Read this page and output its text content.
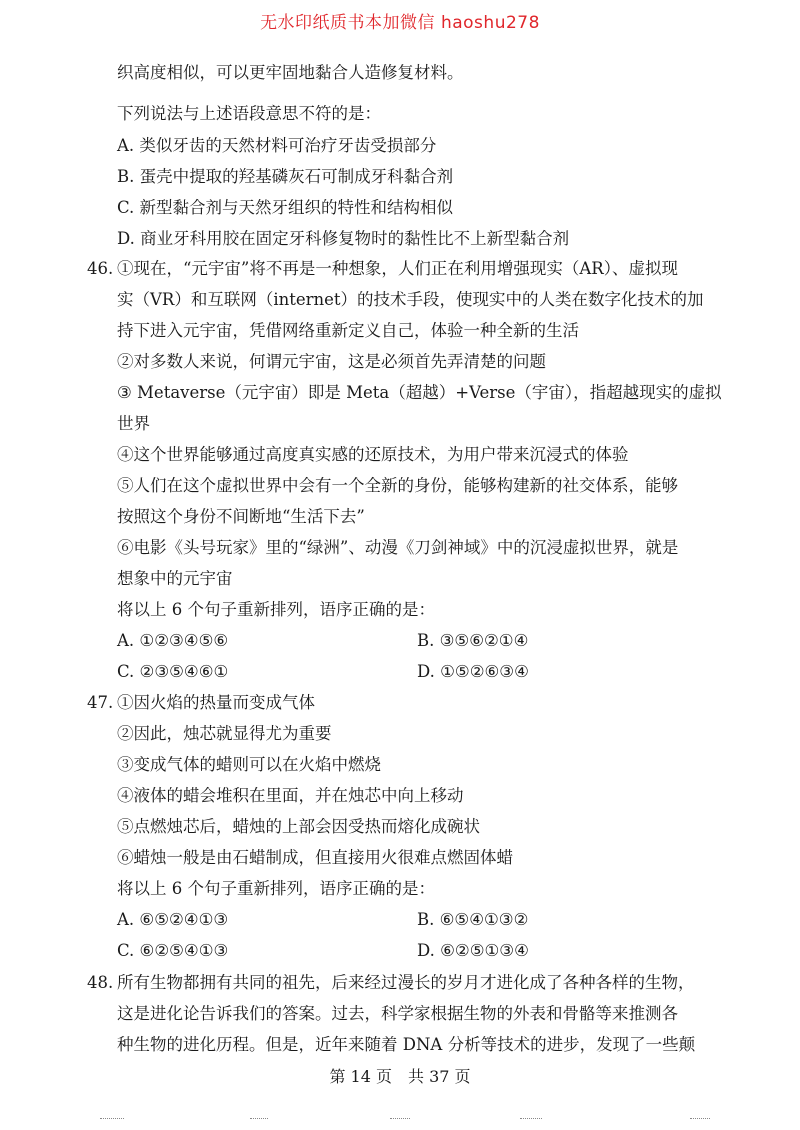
无水印纸质书本加微信 haoshu278
织高度相似，可以更牢固地黏合人造修复材料。
下列说法与上述语段意思不符的是：
A. 类似牙齿的天然材料可治疗牙齿受损部分
B. 蛋壳中提取的羟基磷灰石可制成牙科黏合剂
C. 新型黏合剂与天然牙组织的特性和结构相似
D. 商业牙科用胶在固定牙科修复物时的黏性比不上新型黏合剂
46. ①现在，“元宇宙”将不再是一种想象，人们正在利用增强现实（AR）、虚拟现
实（VR）和互联网（internet）的技术手段，使现实中的人类在数字化技术的加
持下进入元宇宙，凭借网络重新定义自己，体验一种全新的生活
②对多数人来说，何谓元宇宙，这是必须首先弄清楚的问题
③ Metaverse（元宇宙）即是 Meta（超越）+Verse（宇宙），指超越现实的虚拟
世界
④这个世界能够通过高度真实感的还原技术，为用户带来沉浸式的体验
⑤人们在这个虚拟世界中会有一个全新的身份，能够构建新的社交体系，能够
按照这个身份不间断地“生活下去”
⑥电影《头号玩家》里的“绿洲”、动漫《刀剑神域》中的沉浸虚拟世界，就是
想象中的元宇宙
将以上 6 个句子重新排列，语序正确的是：
A. ①②③④⑤⑥	B. ③⑤⑥②①④
C. ②③⑤④⑥①	D. ①⑤②⑥③④
47. ①因火焰的热量而变成气体
②因此，烛芯就显得尤为重要
③变成气体的蜡则可以在火焰中燃烧
④液体的蜡会堆积在里面，并在烛芯中向上移动
⑤点燃烛芯后，蜡烛的上部会因受热而熔化成碗状
⑥蜡烛一般是由石蜡制成，但直接用火很难点燃固体蜡
将以上 6 个句子重新排列，语序正确的是：
A. ⑥⑤②④①③	B. ⑥⑤④①③②
C. ⑥②⑤④①③	D. ⑥②⑤①③④
48. 所有生物都拥有共同的祖先，后来经过漫长的岁月才进化成了各种各样的生物，
这是进化论告诉我们的答案。过去，科学家根据生物的外表和骨骼等来推测各
种生物的进化历程。但是，近年来随着 DNA 分析等技术的进步，发现了一些颠
第 14 页　共 37 页
